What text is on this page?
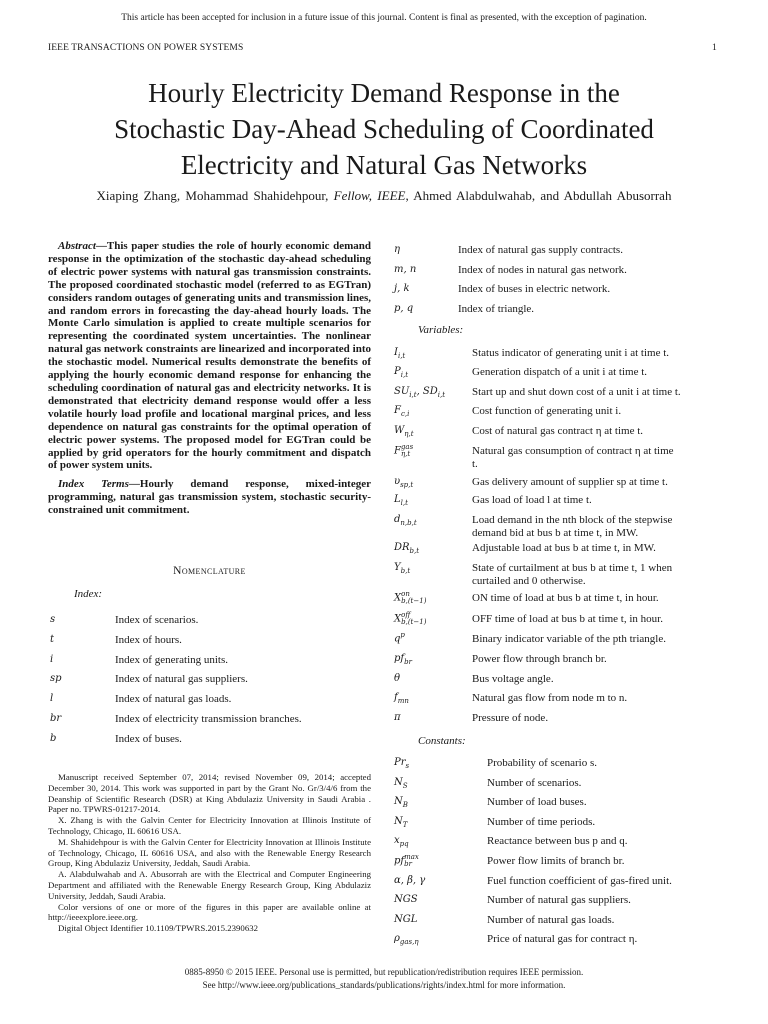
This article has been accepted for inclusion in a future issue of this journal. Content is final as presented, with the exception of pagination.
IEEE TRANSACTIONS ON POWER SYSTEMS	1
Hourly Electricity Demand Response in the
Stochastic Day-Ahead Scheduling of Coordinated
Electricity and Natural Gas Networks
Xiaping Zhang, Mohammad Shahidehpour, Fellow, IEEE, Ahmed Alabdulwahab, and Abdullah Abusorrah

Abstract—This paper studies the role of hourly economic demand response in the optimization of the stochastic day-ahead scheduling of electric power systems with natural gas transmission constraints. The proposed coordinated stochastic model (referred to as EGTran) considers random outages of generating units and transmission lines, and random errors in forecasting the day-ahead hourly loads. The Monte Carlo simulation is applied to create multiple scenarios for representing the coordinated system uncertainties. The nonlinear natural gas network constraints are linearized and incorporated into the stochastic model. Numerical results demonstrate the benefits of applying the hourly economic demand response for enhancing the scheduling coordination of natural gas and electricity networks. It is demonstrated that electricity demand response would offer a less volatile hourly load profile and locational marginal prices, and less dependence on natural gas constraints for the optimal operation of electric power systems. The proposed model for EGTran could be applied by grid operators for the hourly commitment and dispatch of power system units.

Index Terms—Hourly demand response, mixed-integer programming, natural gas transmission system, stochastic security-constrained unit commitment.

Nomenclature
Index:
s	Index of scenarios.
t	Index of hours.
i	Index of generating units.
sp	Index of natural gas suppliers.
l	Index of natural gas loads.
br	Index of electricity transmission branches.
b	Index of buses.
η	Index of natural gas supply contracts.
m, n	Index of nodes in natural gas network.
j, k	Index of buses in electric network.
p, q	Index of triangle.
Variables:
I i,t	Status indicator of generating unit i at time t.
P i,t	Generation dispatch of a unit i at time t.
SU i,t , $SD_{i,t}$ Start up and shut down cost of a unit i at time t.
F c,i	Cost function of generating unit i.
W η,t	Cost of natural gas contract η at time t.
F gas
η,t	Natural gas consumption of contract η at time
t.
υ sp,t	Gas delivery amount of supplier sp at time t.
L l,t	Gas load of load l at time t.
d n,b,t	Load demand in the nth block of the stepwise
demand bid at bus b at time t, in MW.
DR b,t	Adjustable load at bus b at time t, in MW.
Y b,t	State of curtailment at bus b at time t, 1 when
curtailed and 0 otherwise.
X on
b,(t−1)	ON time of load at bus b at time t, in hour.
X off
b,(t−1)	OFF time of load at bus b at time t, in hour.
q p
	Binary indicator variable of the pth triangle.
pf br	Power flow through branch br.
θ	Bus voltage angle.
f mn	Natural gas flow from node m to n.
π	Pressure of node.
Constants:
Pr s	Probability of scenario s.
N S	Number of scenarios.
N B	Number of load buses.
N T	Number of time periods.
x pq	Reactance between bus p and q.
pf max
br	Power flow limits of branch br.
α, β, γ	Fuel function coefficient of gas-fired unit.
NGS	Number of natural gas suppliers.
NGL	Number of natural gas loads.
ρ gas,η	Price of natural gas for contract η.

Manuscript received September 07, 2014; revised November 09, 2014; accepted December 30, 2014. This work was supported in part by the Grant No. Gr/3/4/6 from the Deanship of Scientific Research (DSR) at King Abdulaziz University in Saudi Arabia . Paper no. TPWRS-01217-2014.

X. Zhang is with the Galvin Center for Electricity Innovation at Illinois Institute of Technology, Chicago, IL 60616 USA.

M. Shahidehpour is with the Galvin Center for Electricity Innovation at Illinois Institute of Technology, Chicago, IL 60616 USA, and also with the Renewable Energy Research Group, King Abdulaziz University, Jeddah, Saudi Arabia.

A. Alabdulwahab and A. Abusorrah are with the Electrical and Computer Engineering Department and affiliated with the Renewable Energy Research Group, King Abdulaziz University, Jeddah, Saudi Arabia.

Color versions of one or more of the figures in this paper are available online at http://ieeexplore.ieee.org.

Digital Object Identifier 10.1109/TPWRS.2015.2390632

0885-8950 © 2015 IEEE. Personal use is permitted, but republication/redistribution requires IEEE permission.
See http://www.ieee.org/publications_standards/publications/rights/index.html for more information.
